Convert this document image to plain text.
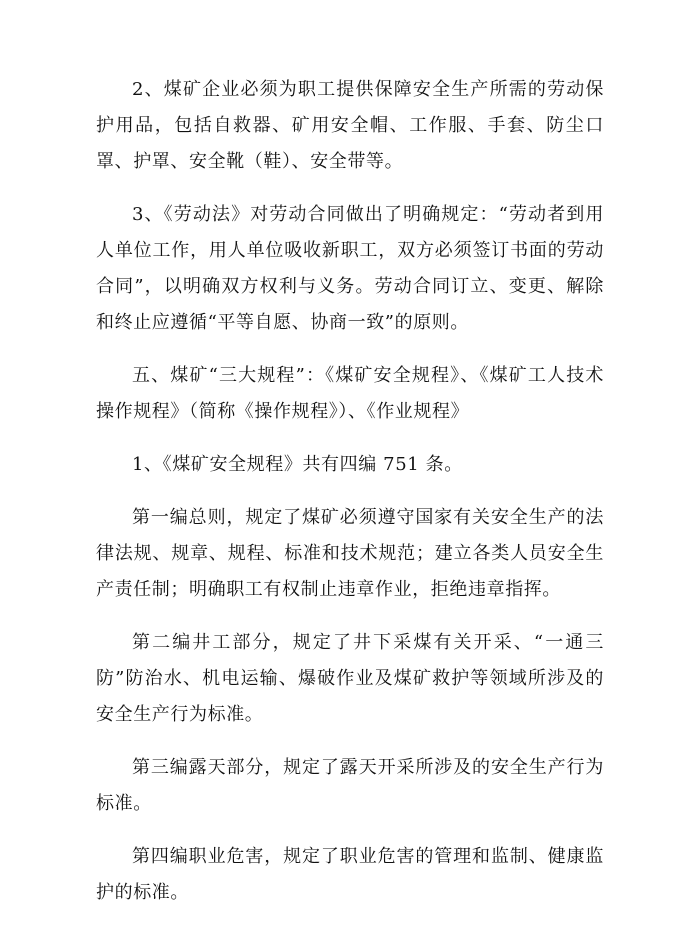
2、煤矿企业必须为职工提供保障安全生产所需的劳动保护用品，包括自救器、矿用安全帽、工作服、手套、防尘口罩、护罩、安全靴（鞋）、安全带等。

3、《劳动法》对劳动合同做出了明确规定：“劳动者到用人单位工作，用人单位吸收新职工，双方必须签订书面的劳动合同”，以明确双方权利与义务。劳动合同订立、变更、解除和终止应遵循“平等自愿、协商一致”的原则。

五、煤矿“三大规程”：《煤矿安全规程》、《煤矿工人技术操作规程》（简称《操作规程》）、《作业规程》

1、《煤矿安全规程》共有四编 751 条。

第一编总则，规定了煤矿必须遵守国家有关安全生产的法律法规、规章、规程、标准和技术规范；建立各类人员安全生产责任制；明确职工有权制止违章作业，拒绝违章指挥。

第二编井工部分，规定了井下采煤有关开采、“一通三防”防治水、机电运输、爆破作业及煤矿救护等领域所涉及的安全生产行为标准。

第三编露天部分，规定了露天开采所涉及的安全生产行为标准。

第四编职业危害，规定了职业危害的管理和监制、健康监护的标准。
